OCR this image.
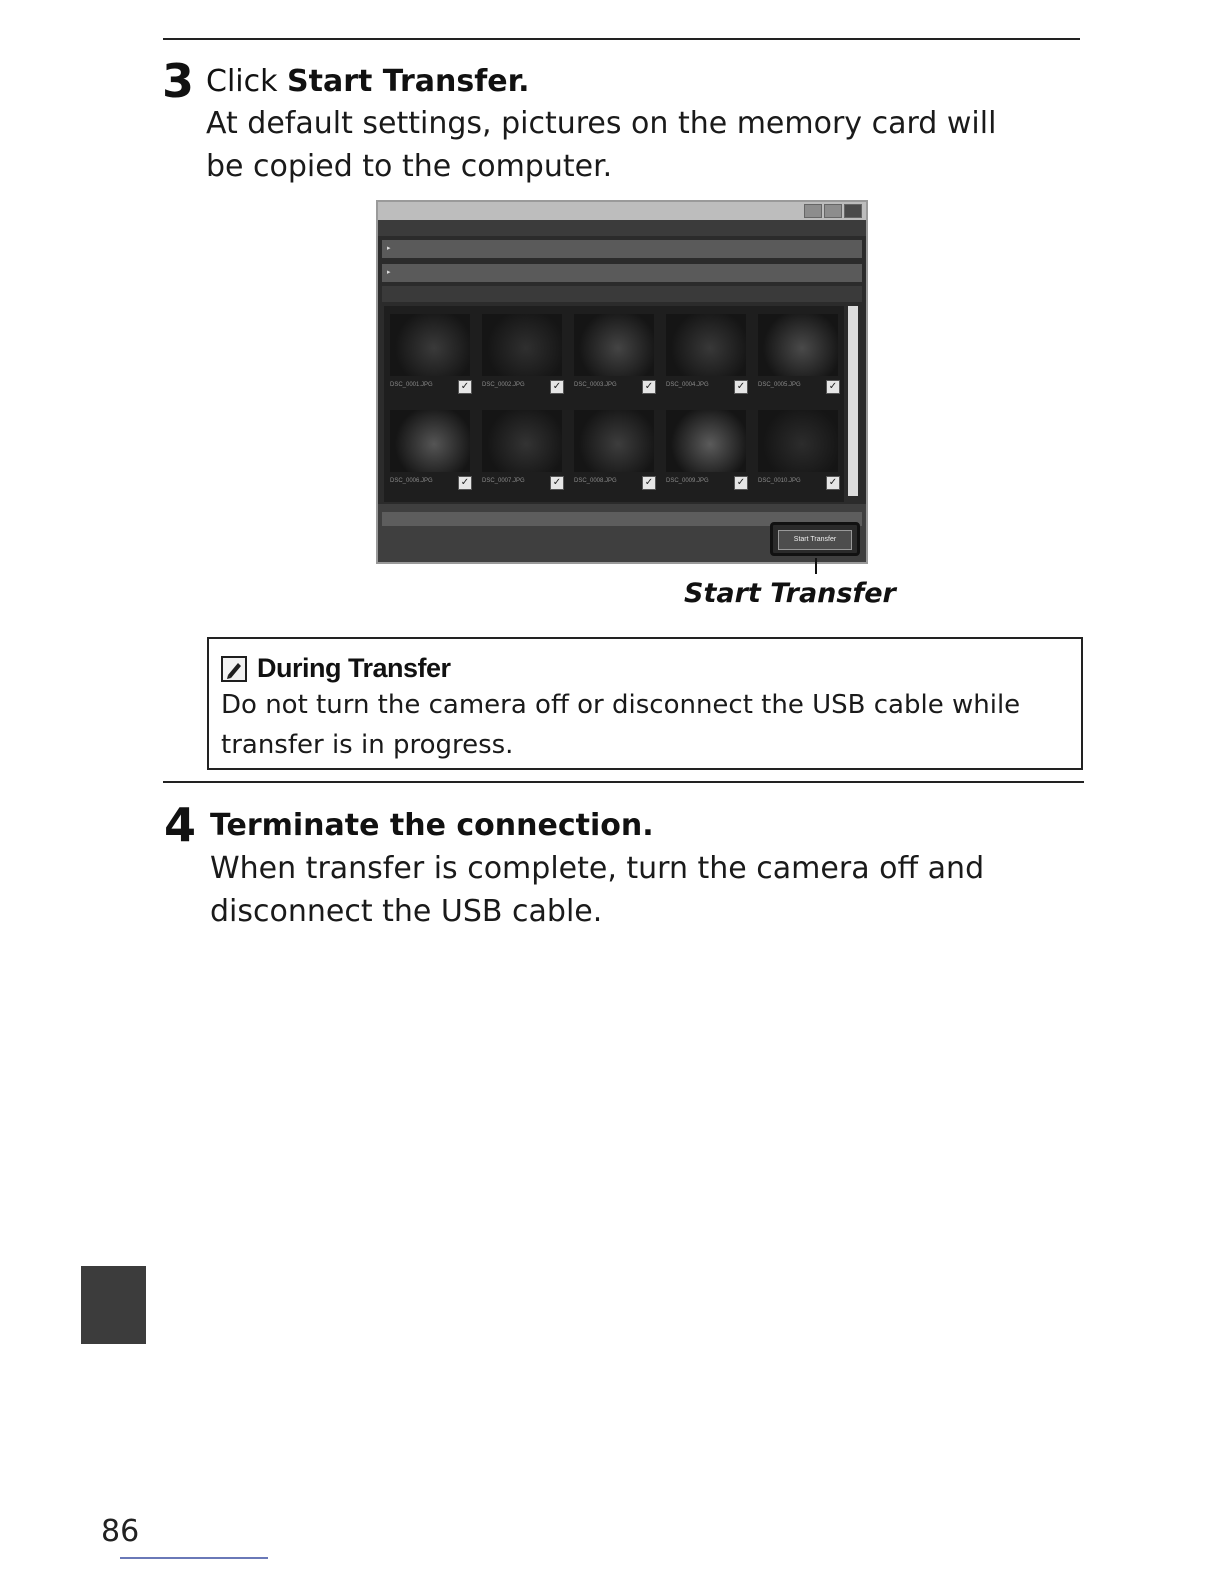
3 Click Start Transfer.
At default settings, pictures on the memory card will be copied to the computer.
▸
▸
DSC_0001.JPG	✓	DSC_0002.JPG	✓	DSC_0003.JPG	✓	DSC_0004.JPG	✓	DSC_0005.JPG	✓
DSC_0006.JPG	✓	DSC_0007.JPG	✓	DSC_0008.JPG	✓	DSC_0009.JPG	✓	DSC_0010.JPG	✓
Start Transfer
Start Transfer
During Transfer
Do not turn the camera off or disconnect the USB cable while transfer is in progress.
4 Terminate the connection.
When transfer is complete, turn the camera off and disconnect the USB cable.
86
